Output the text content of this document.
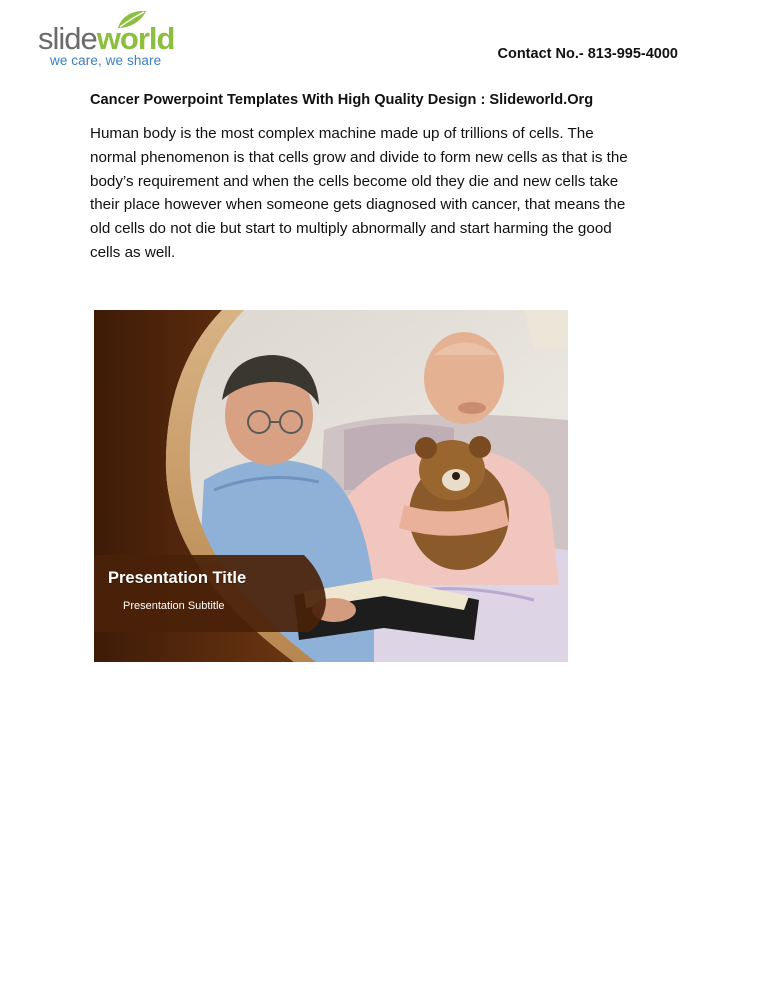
slideworld
we care, we share	Contact No.- 813-995-4000
Cancer Powerpoint Templates With High Quality Design : Slideworld.Org
Human body is the most complex machine made up of trillions of cells. The
normal phenomenon is that cells grow and divide to form new cells as that is the
body’s requirement and when the cells become old they die and new cells take
their place however when someone gets diagnosed with cancer, that means the
old cells do not die but start to multiply abnormally and start harming the good
cells as well.
Presentation Title
Presentation Subtitle
